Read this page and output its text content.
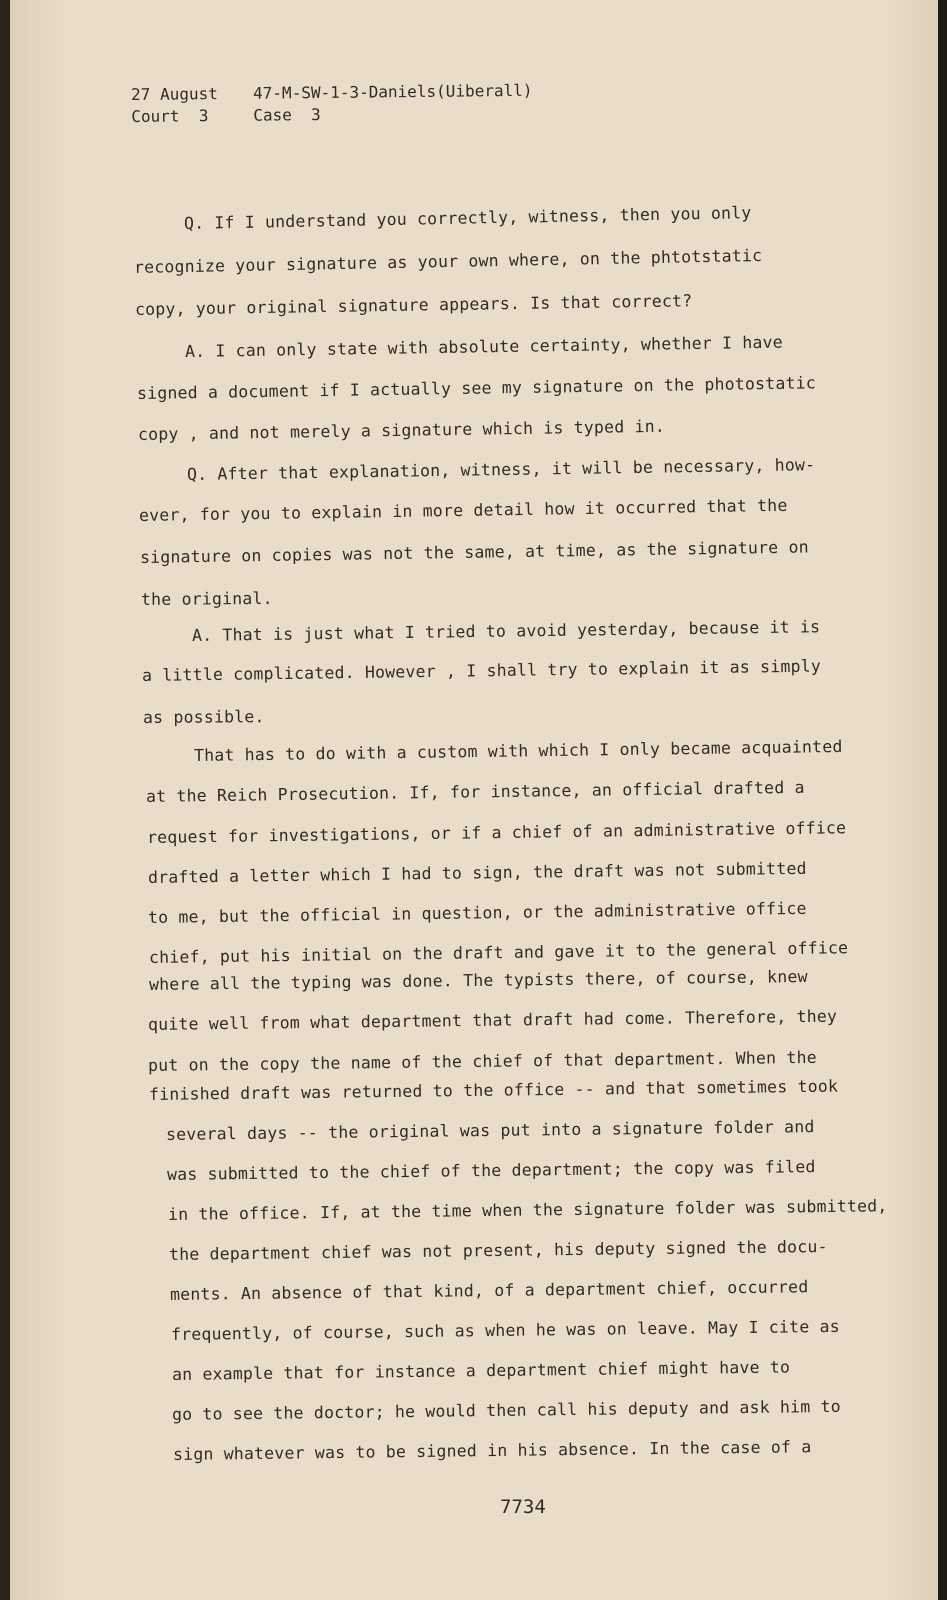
27 August	47-M-SW-1-3-Daniels(Uiberall)
Court  3	Case  3
Q. If I understand you correctly, witness, then you only
recognize your signature as your own where, on the phtotstatic
copy, your original signature appears. Is that correct?
A. I can only state with absolute certainty, whether I have
signed a document if I actually see my signature on the photostatic
copy , and not merely a signature which is typed in.
Q. After that explanation, witness, it will be necessary, how-
ever, for you to explain in more detail how it occurred that the
signature on copies was not the same, at time, as the signature on
the original.
A. That is just what I tried to avoid yesterday, because it is
a little complicated. However , I shall try to explain it as simply
as possible.
That has to do with a custom with which I only became acquainted
at the Reich Prosecution. If, for instance, an official drafted a
request for investigations, or if a chief of an administrative office
drafted a letter which I had to sign, the draft was not submitted
to me, but the official in question, or the administrative office
chief, put his initial on the draft and gave it to the general office
where all the typing was done. The typists there, of course, knew
quite well from what department that draft had come. Therefore, they
put on the copy the name of the chief of that department. When the
finished draft was returned to the office -- and that sometimes took
several days -- the original was put into a signature folder and
was submitted to the chief of the department; the copy was filed
in the office. If, at the time when the signature folder was submitted,
the department chief was not present, his deputy signed the docu-
ments. An absence of that kind, of a department chief, occurred
frequently, of course, such as when he was on leave. May I cite as
an example that for instance a department chief might have to
go to see the doctor; he would then call his deputy and ask him to
sign whatever was to be signed in his absence. In the case of a
7734
